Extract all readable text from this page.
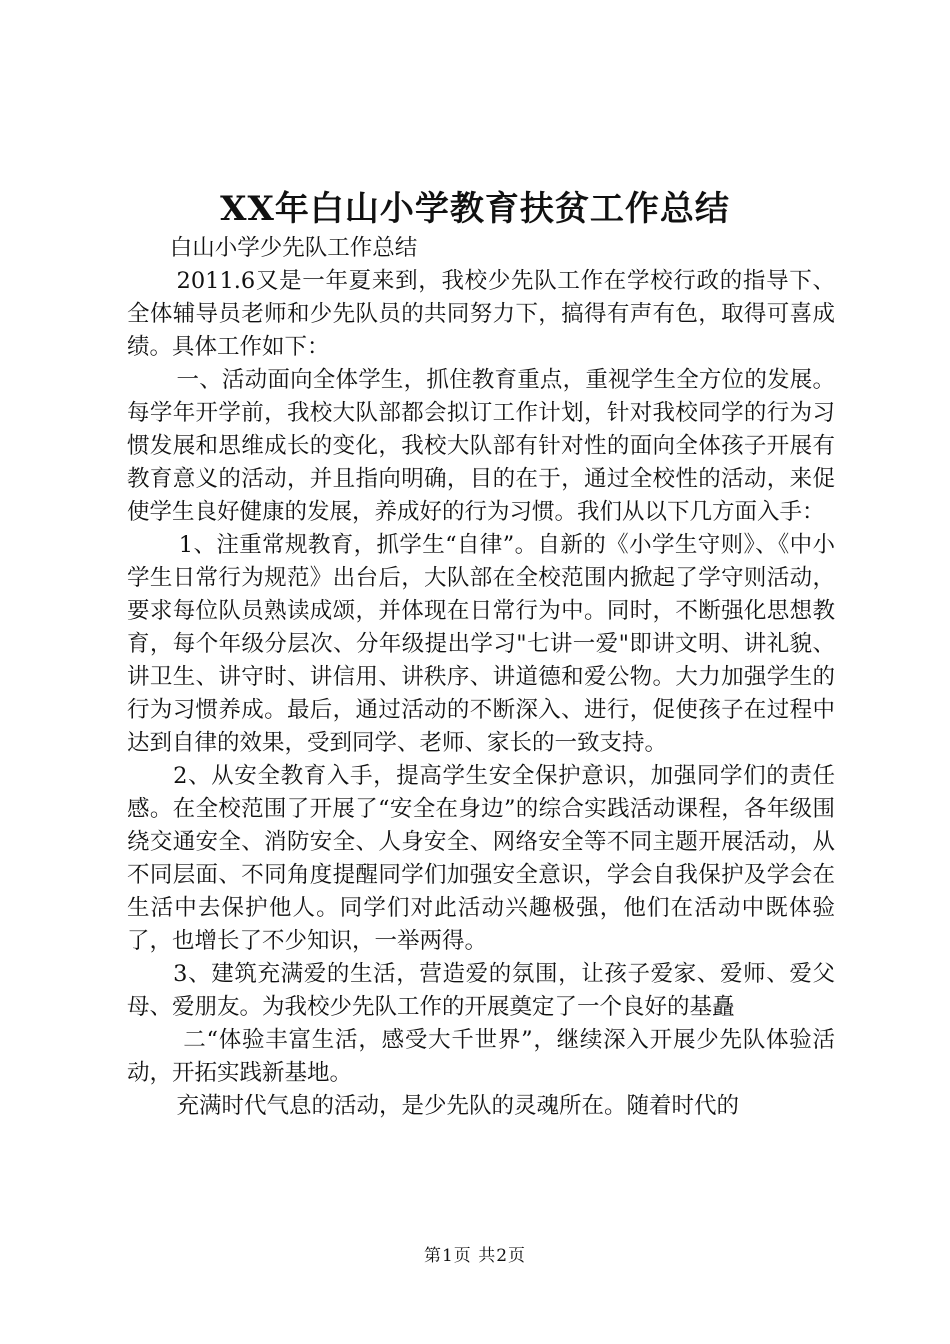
XX年白山小学教育扶贫工作总结

白山小学少先队工作总结

2011.6又是一年夏来到，我校少先队工作在学校行政的指导下、全体辅导员老师和少先队员的共同努力下，搞得有声有色，取得可喜成绩。具体工作如下：

一、活动面向全体学生，抓住教育重点，重视学生全方位的发展。每学年开学前，我校大队部都会拟订工作计划，针对我校同学的行为习惯发展和思维成长的变化，我校大队部有针对性的面向全体孩子开展有教育意义的活动，并且指向明确，目的在于，通过全校性的活动，来促使学生良好健康的发展，养成好的行为习惯。我们从以下几方面入手：

1、注重常规教育，抓学生“自律”。自新的《小学生守则》、《中小学生日常行为规范》出台后，大队部在全校范围内掀起了学守则活动，要求每位队员熟读成颂，并体现在日常行为中。同时，不断强化思想教育，每个年级分层次、分年级提出学习"七讲一爱"即讲文明、讲礼貌、讲卫生、讲守时、讲信用、讲秩序、讲道德和爱公物。大力加强学生的行为习惯养成。最后，通过活动的不断深入、进行，促使孩子在过程中达到自律的效果，受到同学、老师、家长的一致支持。

2、从安全教育入手，提高学生安全保护意识，加强同学们的责任感。在全校范围了开展了“安全在身边”的综合实践活动课程，各年级围绕交通安全、消防安全、人身安全、网络安全等不同主题开展活动，从不同层面、不同角度提醒同学们加强安全意识，学会自我保护及学会在生活中去保护他人。同学们对此活动兴趣极强，他们在活动中既体验了，也增长了不少知识，一举两得。

3、建筑充满爱的生活，营造爱的氛围，让孩子爱家、爱师、爱父母、爱朋友。为我校少先队工作的开展奠定了一个良好的基矗

二“体验丰富生活，感受大千世界”，继续深入开展少先队体验活动，开拓实践新基地。

充满时代气息的活动，是少先队的灵魂所在。随着时代的

第1页 共2页
